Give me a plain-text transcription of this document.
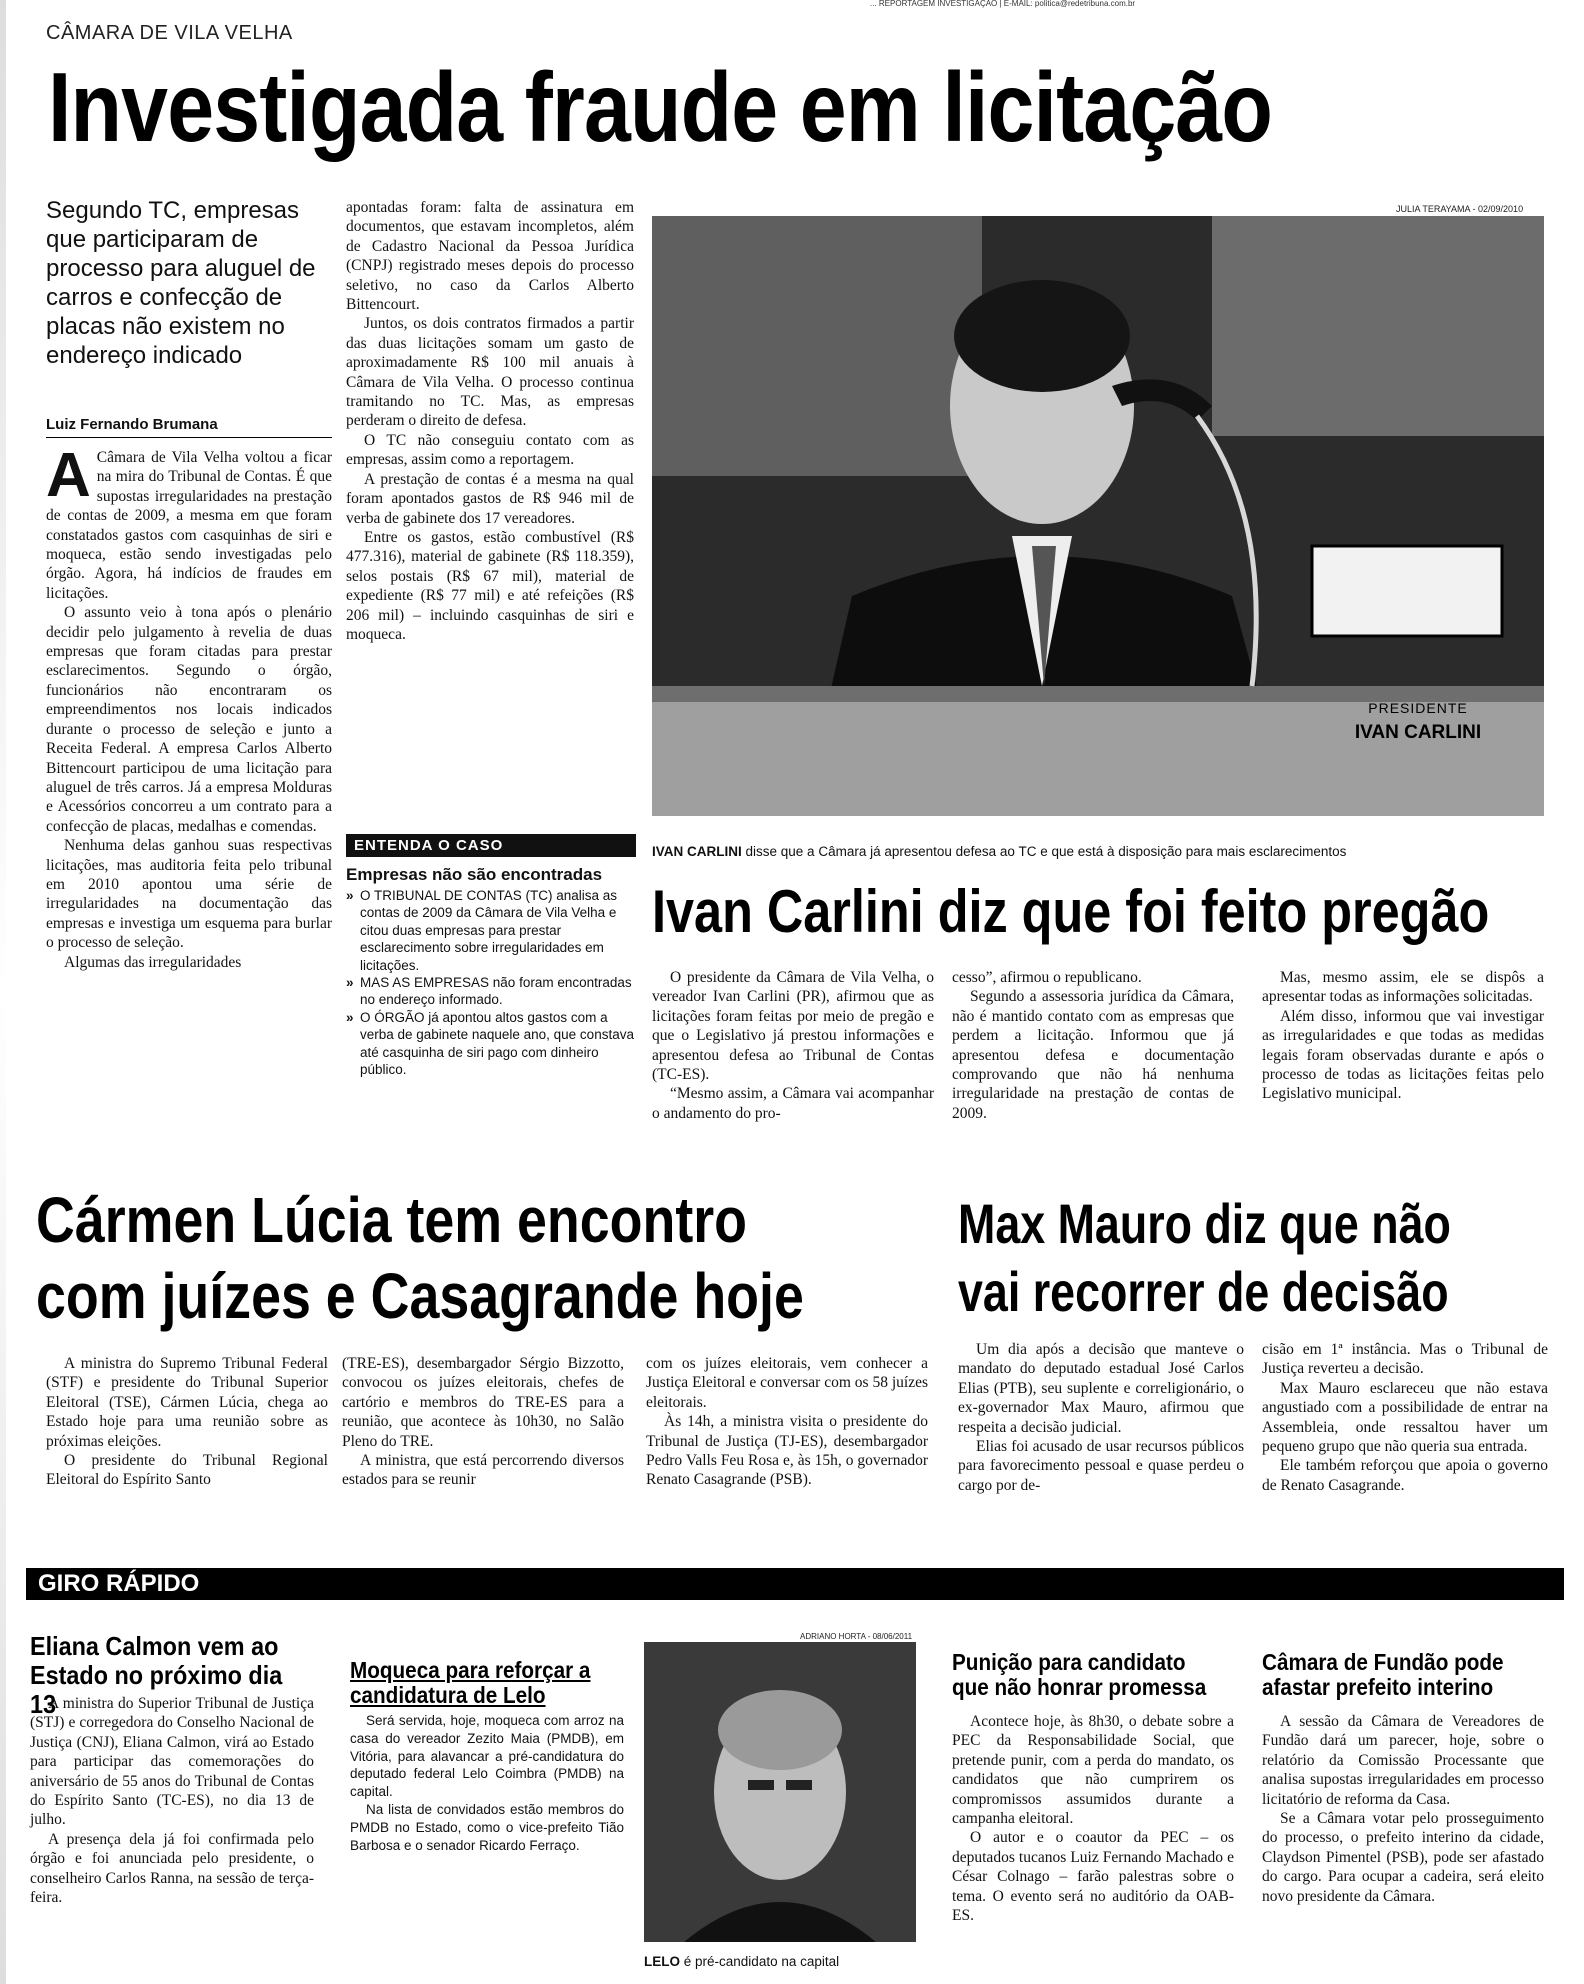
... REPORTAGEM INVESTIGAÇÃO | E-MAIL: politica@redetribuna.com.br
CÂMARA DE VILA VELHA
Investigada fraude em licitação
Segundo TC, empresas que participaram de processo para aluguel de carros e confecção de placas não existem no endereço indicado
Luiz Fernando Brumana

A Câmara de Vila Velha voltou a ficar na mira do Tribunal de Contas. É que supostas irregularidades na prestação de contas de 2009, a mesma em que foram constatados gastos com casquinhas de siri e moqueca, estão sendo investigadas pelo órgão. Agora, há indícios de fraudes em licitações.

O assunto veio à tona após o plenário decidir pelo julgamento à revelia de duas empresas que foram citadas para prestar esclarecimentos. Segundo o órgão, funcionários não encontraram os empreendimentos nos locais indicados durante o processo de seleção e junto a Receita Federal. A empresa Carlos Alberto Bittencourt participou de uma licitação para aluguel de três carros. Já a empresa Molduras e Acessórios concorreu a um contrato para a confecção de placas, medalhas e comendas.

Nenhuma delas ganhou suas respectivas licitações, mas auditoria feita pelo tribunal em 2010 apontou uma série de irregularidades na documentação das empresas e investiga um esquema para burlar o processo de seleção.

Algumas das irregularidades

apontadas foram: falta de assinatura em documentos, que estavam incompletos, além de Cadastro Nacional da Pessoa Jurídica (CNPJ) registrado meses depois do processo seletivo, no caso da Carlos Alberto Bittencourt.

Juntos, os dois contratos firmados a partir das duas licitações somam um gasto de aproximadamente R$ 100 mil anuais à Câmara de Vila Velha. O processo continua tramitando no TC. Mas, as empresas perderam o direito de defesa.

O TC não conseguiu contato com as empresas, assim como a reportagem.

A prestação de contas é a mesma na qual foram apontados gastos de R$ 946 mil de verba de gabinete dos 17 vereadores.

Entre os gastos, estão combustível (R$ 477.316), material de gabinete (R$ 118.359), selos postais (R$ 67 mil), material de expediente (R$ 77 mil) e até refeições (R$ 206 mil) – incluindo casquinhas de siri e moqueca.

JULIA TERAYAMA - 02/09/2010
PRESIDENTE
IVAN CARLINI
IVAN CARLINI disse que a Câmara já apresentou defesa ao TC e que está à disposição para mais esclarecimentos
ENTENDA O CASO
Empresas não são encontradas
» O TRIBUNAL DE CONTAS (TC) analisa as contas de 2009 da Câmara de Vila Velha e citou duas empresas para prestar esclarecimento sobre irregularidades em licitações.
» MAS AS EMPRESAS não foram encontradas no endereço informado.
» O ÓRGÃO já apontou altos gastos com a verba de gabinete naquele ano, que constava até casquinha de siri pago com dinheiro público.
Ivan Carlini diz que foi feito pregão

O presidente da Câmara de Vila Velha, o vereador Ivan Carlini (PR), afirmou que as licitações foram feitas por meio de pregão e que o Legislativo já prestou informações e apresentou defesa ao Tribunal de Contas (TC-ES).

“Mesmo assim, a Câmara vai acompanhar o andamento do pro-

cesso”, afirmou o republicano.

Segundo a assessoria jurídica da Câmara, não é mantido contato com as empresas que perdem a licitação. Informou que já apresentou defesa e documentação comprovando que não há nenhuma irregularidade na prestação de contas de 2009.

Mas, mesmo assim, ele se dispôs a apresentar todas as informações solicitadas.

Além disso, informou que vai investigar as irregularidades e que todas as medidas legais foram observadas durante e após o processo de todas as licitações feitas pelo Legislativo municipal.

Cármen Lúcia tem encontro
com juízes e Casagrande hoje

A ministra do Supremo Tribunal Federal (STF) e presidente do Tribunal Superior Eleitoral (TSE), Cármen Lúcia, chega ao Estado hoje para uma reunião sobre as próximas eleições.

O presidente do Tribunal Regional Eleitoral do Espírito Santo

(TRE-ES), desembargador Sérgio Bizzotto, convocou os juízes eleitorais, chefes de cartório e membros do TRE-ES para a reunião, que acontece às 10h30, no Salão Pleno do TRE.

A ministra, que está percorrendo diversos estados para se reunir

com os juízes eleitorais, vem conhecer a Justiça Eleitoral e conversar com os 58 juízes eleitorais.

Às 14h, a ministra visita o presidente do Tribunal de Justiça (TJ-ES), desembargador Pedro Valls Feu Rosa e, às 15h, o governador Renato Casagrande (PSB).

Max Mauro diz que não
vai recorrer de decisão

Um dia após a decisão que manteve o mandato do deputado estadual José Carlos Elias (PTB), seu suplente e correligionário, o ex-governador Max Mauro, afirmou que respeita a decisão judicial.

Elias foi acusado de usar recursos públicos para favorecimento pessoal e quase perdeu o cargo por de-

cisão em 1ª instância. Mas o Tribunal de Justiça reverteu a decisão.

Max Mauro esclareceu que não estava angustiado com a possibilidade de entrar na Assembleia, onde ressaltou haver um pequeno grupo que não queria sua entrada.

Ele também reforçou que apoia o governo de Renato Casagrande.

GIRO RÁPIDO
Eliana Calmon vem ao Estado no próximo dia 13

A ministra do Superior Tribunal de Justiça (STJ) e corregedora do Conselho Nacional de Justiça (CNJ), Eliana Calmon, virá ao Estado para participar das comemorações do aniversário de 55 anos do Tribunal de Contas do Espírito Santo (TC-ES), no dia 13 de julho.

A presença dela já foi confirmada pelo órgão e foi anunciada pelo presidente, o conselheiro Carlos Ranna, na sessão de terça-feira.

Moqueca para reforçar a candidatura de Lelo

Será servida, hoje, moqueca com arroz na casa do vereador Zezito Maia (PMDB), em Vitória, para alavancar a pré-candidatura do deputado federal Lelo Coimbra (PMDB) na capital.

Na lista de convidados estão membros do PMDB no Estado, como o vice-prefeito Tião Barbosa e o senador Ricardo Ferraço.

ADRIANO HORTA - 08/06/2011
LELO é pré-candidato na capital
Punição para candidato que não honrar promessa

Acontece hoje, às 8h30, o debate sobre a PEC da Responsabilidade Social, que pretende punir, com a perda do mandato, os candidatos que não cumprirem os compromissos assumidos durante a campanha eleitoral.

O autor e o coautor da PEC – os deputados tucanos Luiz Fernando Machado e César Colnago – farão palestras sobre o tema. O evento será no auditório da OAB-ES.

Câmara de Fundão pode afastar prefeito interino

A sessão da Câmara de Vereadores de Fundão dará um parecer, hoje, sobre o relatório da Comissão Processante que analisa supostas irregularidades em processo licitatório de reforma da Casa.

Se a Câmara votar pelo prosseguimento do processo, o prefeito interino da cidade, Claydson Pimentel (PSB), pode ser afastado do cargo. Para ocupar a cadeira, será eleito novo presidente da Câmara.
